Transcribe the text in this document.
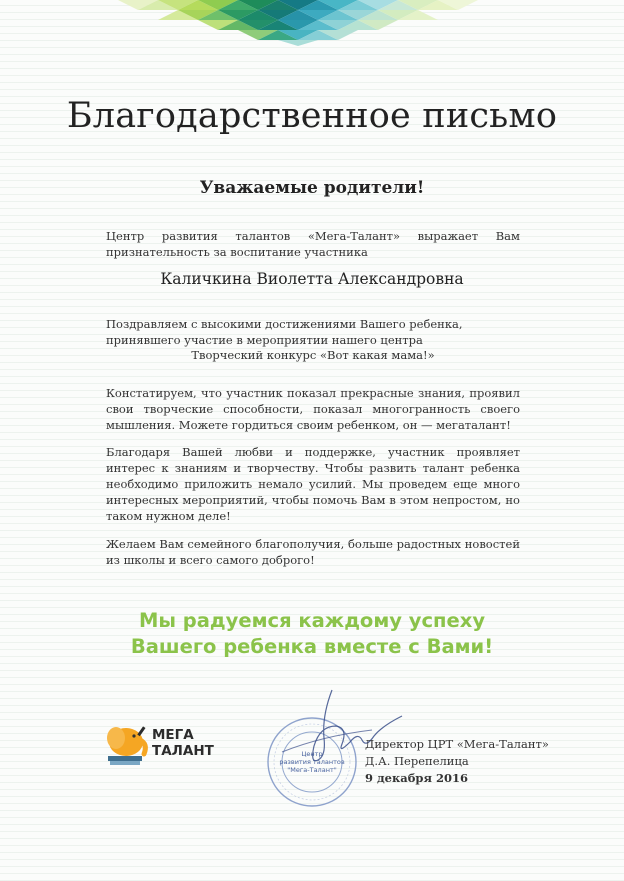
Благодарственное письмо
Уважаемые родители!

Центр развития талантов «Мега-Талант» выражает Вам признательность за воспитание участника

Каличкина Виолетта Александровна

Поздравляем с высокими достижениями Вашего ребенка, принявшего участие в мероприятии нашего центра

Творческий конкурс «Вот какая мама!»

Констатируем, что участник показал прекрасные знания, проявил свои творческие способности, показал многогранность своего мышления. Можете гордиться своим ребенком, он — мегаталант!

Благодаря Вашей любви и поддержке, участник проявляет интерес к знаниям и творчеству. Чтобы развить талант ребенка необходимо приложить немало усилий. Мы проведем еще много интересных мероприятий, чтобы помочь Вам в этом непростом, но таком нужном деле!

Желаем Вам семейного благополучия, больше радостных новостей из школы и всего самого доброго!

Мы радуемся каждому успеху
Вашего ребенка вместе с Вами!
МЕГА
ТАЛАНТ	Центр
развития талантов
"Мега-Талант"
Директор ЦРТ «Мега-Талант»
Д.А. Перепелица
9 декабря 2016
